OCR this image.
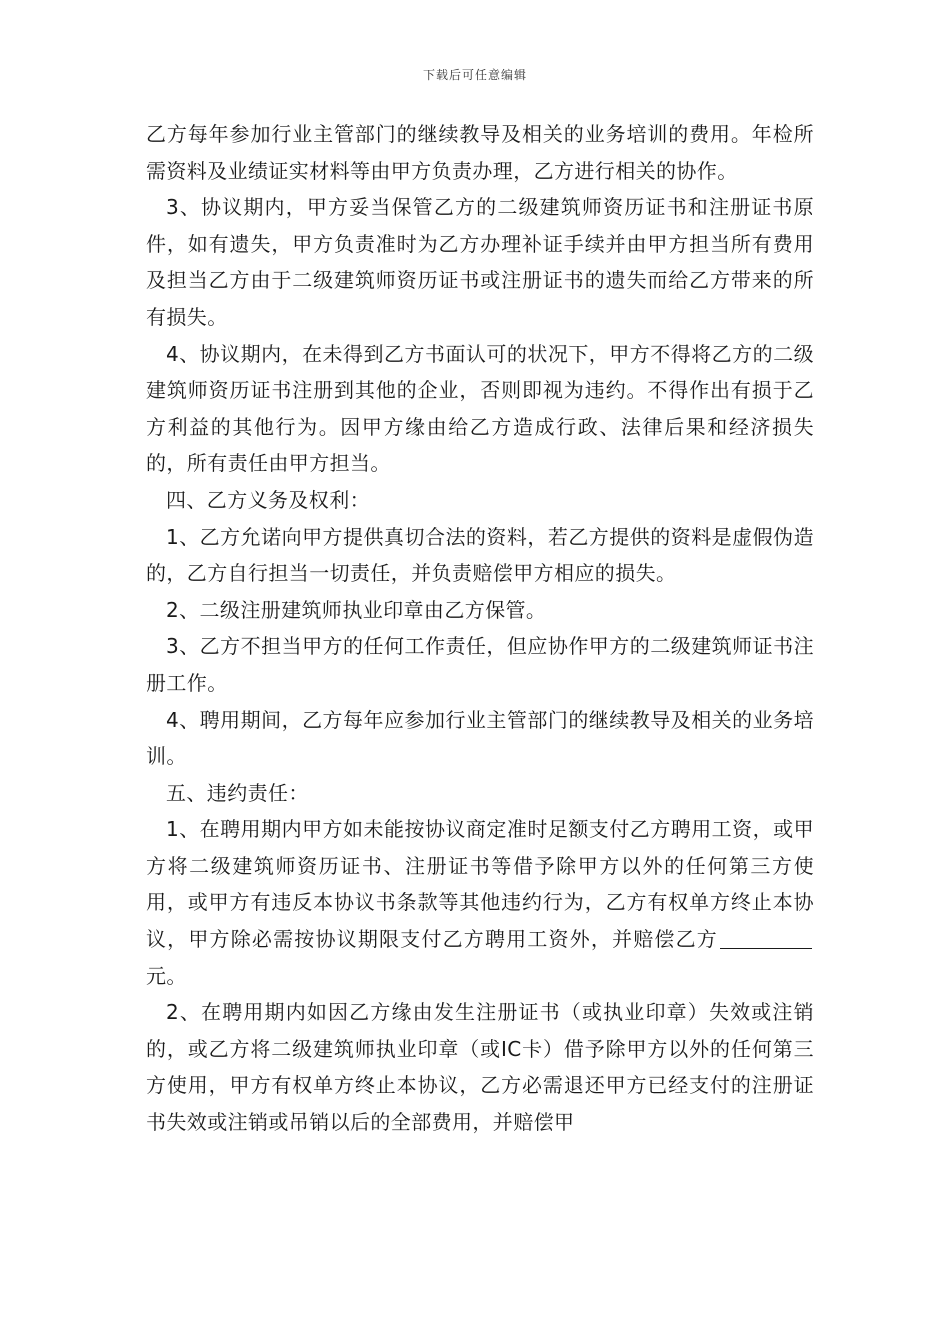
下载后可任意编辑

乙方每年参加行业主管部门的继续教导及相关的业务培训的费用。年检所需资料及业绩证实材料等由甲方负责办理，乙方进行相关的协作。

3、协议期内，甲方妥当保管乙方的二级建筑师资历证书和注册证书原件，如有遗失，甲方负责准时为乙方办理补证手续并由甲方担当所有费用及担当乙方由于二级建筑师资历证书或注册证书的遗失而给乙方带来的所有损失。

4、协议期内，在未得到乙方书面认可的状况下，甲方不得将乙方的二级建筑师资历证书注册到其他的企业，否则即视为违约。不得作出有损于乙方利益的其他行为。因甲方缘由给乙方造成行政、法律后果和经济损失的，所有责任由甲方担当。

四、乙方义务及权利：

1、乙方允诺向甲方提供真切合法的资料，若乙方提供的资料是虚假伪造的，乙方自行担当一切责任，并负责赔偿甲方相应的损失。

2、二级注册建筑师执业印章由乙方保管。

3、乙方不担当甲方的任何工作责任，但应协作甲方的二级建筑师证书注册工作。

4、聘用期间，乙方每年应参加行业主管部门的继续教导及相关的业务培训。

五、违约责任：

1、在聘用期内甲方如未能按协议商定准时足额支付乙方聘用工资，或甲方将二级建筑师资历证书、注册证书等借予除甲方以外的任何第三方使用，或甲方有违反本协议书条款等其他违约行为，乙方有权单方终止本协议，甲方除必需按协议期限支付乙方聘用工资外，并赔偿乙方元。

2、在聘用期内如因乙方缘由发生注册证书（或执业印章）失效或注销的，或乙方将二级建筑师执业印章（或IC卡）借予除甲方以外的任何第三方使用，甲方有权单方终止本协议，乙方必需退还甲方已经支付的注册证书失效或注销或吊销以后的全部费用，并赔偿甲
